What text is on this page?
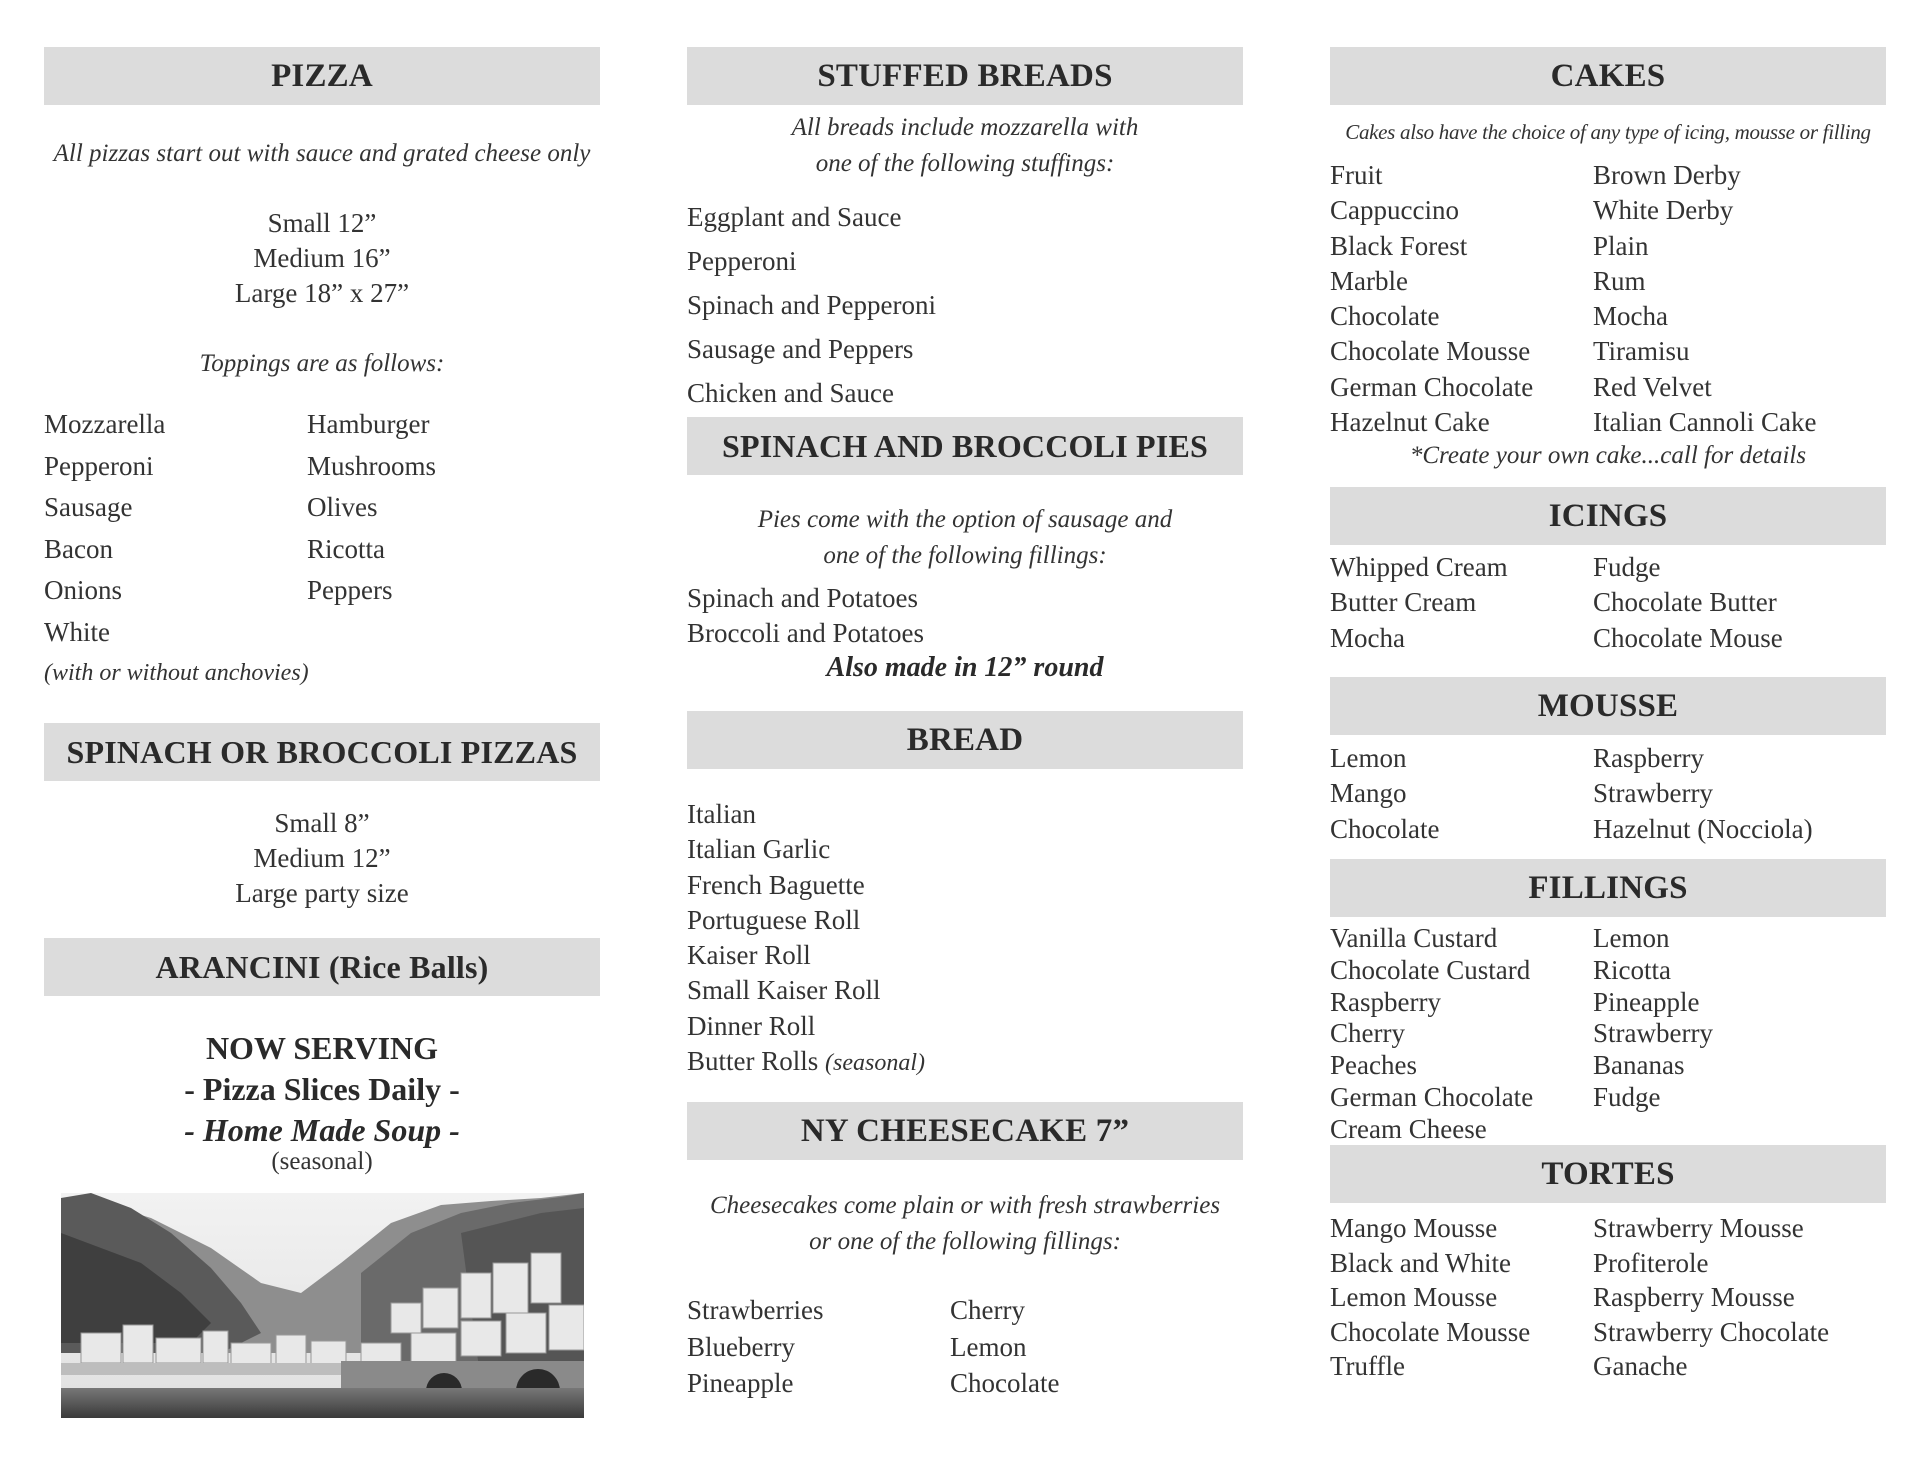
PIZZA
All pizzas start out with sauce and grated cheese only
Small 12”
Medium 16”
Large 18” x 27”
Toppings are as follows:
Mozzarella	Hamburger
Pepperoni	Mushrooms
Sausage	Olives
Bacon	Ricotta
Onions	Peppers
White
(with or without anchovies)
SPINACH OR BROCCOLI PIZZAS
Small 8”
Medium 12”
Large party size
ARANCINI (Rice Balls)
NOW SERVING
- Pizza Slices Daily -
- Home Made Soup -
(seasonal)
STUFFED BREADS
All breads include mozzarella with
one of the following stuffings:
Eggplant and Sauce
Pepperoni
Spinach and Pepperoni
Sausage and Peppers
Chicken and Sauce
SPINACH AND BROCCOLI PIES
Pies come with the option of sausage and
one of the following fillings:
Spinach and Potatoes
Broccoli and Potatoes
Also made in 12” round
BREAD
Italian
Italian Garlic
French Baguette
Portuguese Roll
Kaiser Roll
Small Kaiser Roll
Dinner Roll
Butter Rolls (seasonal)
NY CHEESECAKE 7”
Cheesecakes come plain or with fresh strawberries
or one of the following fillings:
Strawberries	Cherry
Blueberry	Lemon
Pineapple	Chocolate
CAKES
Cakes also have the choice of any type of icing, mousse or filling
Fruit	Brown Derby
Cappuccino	White Derby
Black Forest	Plain
Marble	Rum
Chocolate	Mocha
Chocolate Mousse	Tiramisu
German Chocolate	Red Velvet
Hazelnut Cake	Italian Cannoli Cake
*Create your own cake...call for details
ICINGS
Whipped Cream	Fudge
Butter Cream	Chocolate Butter
Mocha	Chocolate Mouse
MOUSSE
Lemon	Raspberry
Mango	Strawberry
Chocolate	Hazelnut (Nocciola)
FILLINGS
Vanilla Custard	Lemon
Chocolate Custard	Ricotta
Raspberry	Pineapple
Cherry	Strawberry
Peaches	Bananas
German Chocolate	Fudge
Cream Cheese
TORTES
Mango Mousse	Strawberry Mousse
Black and White	Profiterole
Lemon Mousse	Raspberry Mousse
Chocolate Mousse	Strawberry Chocolate
Truffle	Ganache
